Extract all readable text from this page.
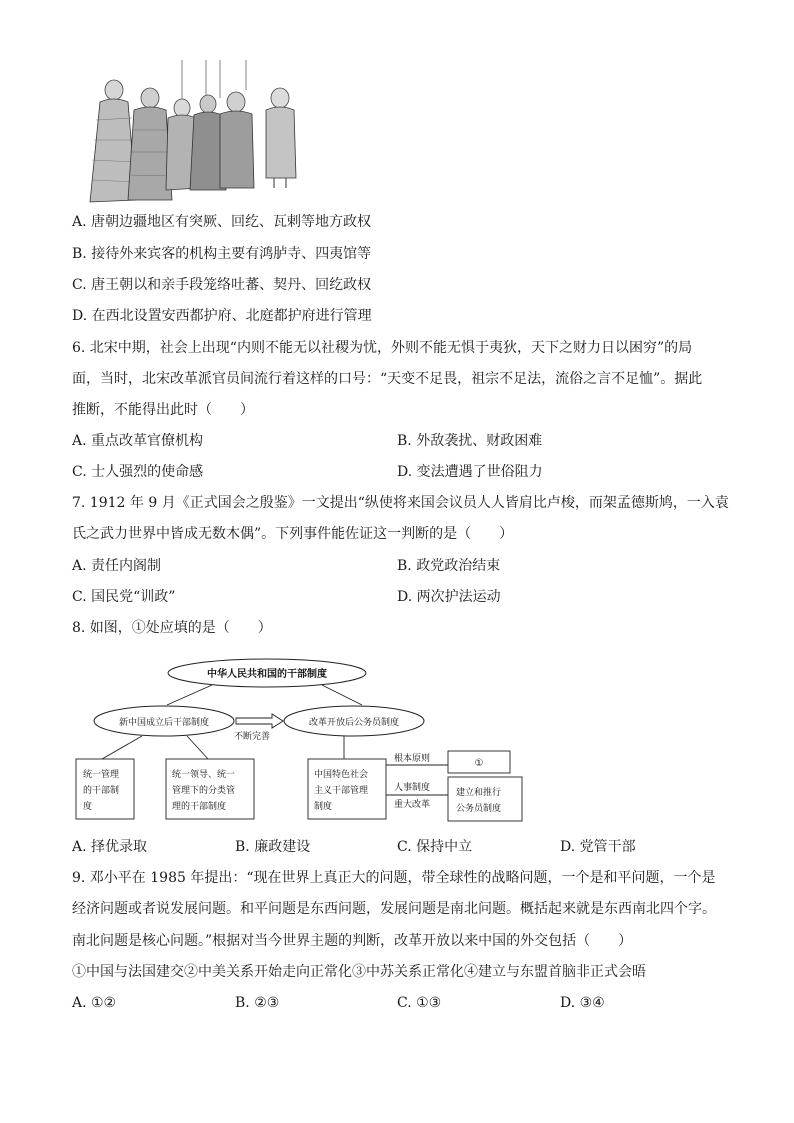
A. 唐朝边疆地区有突厥、回纥、瓦剌等地方政权
B. 接待外来宾客的机构主要有鸿胪寺、四夷馆等
C. 唐王朝以和亲手段笼络吐蕃、契丹、回纥政权
D. 在西北设置安西都护府、北庭都护府进行管理
6. 北宋中期，社会上出现“内则不能无以社稷为忧，外则不能无惧于夷狄，天下之财力日以困穷”的局
面，当时，北宋改革派官员间流行着这样的口号：“天变不足畏，祖宗不足法，流俗之言不足恤”。据此
推断，不能得出此时（　　）
A. 重点改革官僚机构	B. 外敌袭扰、财政困难
C. 士人强烈的使命感	D. 变法遭遇了世俗阻力
7. 1912 年 9 月《正式国会之殷鉴》一文提出“纵使将来国会议员人人皆肩比卢梭，而架孟德斯鸠，一入袁
氏之武力世界中皆成无数木偶”。下列事件能佐证这一判断的是（　　）
A. 责任内阁制	B. 政党政治结束
C. 国民党“训政”	D. 两次护法运动
8. 如图，①处应填的是（　　）
中华人民共和国的干部制度
新中国成立后干部制度	改革开放后公务员制度
不断完善
统一管理
的干部制
度
统一领导、统一
管理下的分类管
理的干部制度
中国特色社会
主义干部管理
制度
根本原则	①
人事制度
重大改革
建立和推行
公务员制度
A. 择优录取	B. 廉政建设	C. 保持中立	D. 党管干部
9. 邓小平在 1985 年提出：“现在世界上真正大的问题，带全球性的战略问题，一个是和平问题，一个是
经济问题或者说发展问题。和平问题是东西问题，发展问题是南北问题。概括起来就是东西南北四个字。
南北问题是核心问题。”根据对当今世界主题的判断，改革开放以来中国的外交包括（　　）
①中国与法国建交②中美关系开始走向正常化③中苏关系正常化④建立与东盟首脑非正式会晤
A. ①②	B. ②③	C. ①③	D. ③④
